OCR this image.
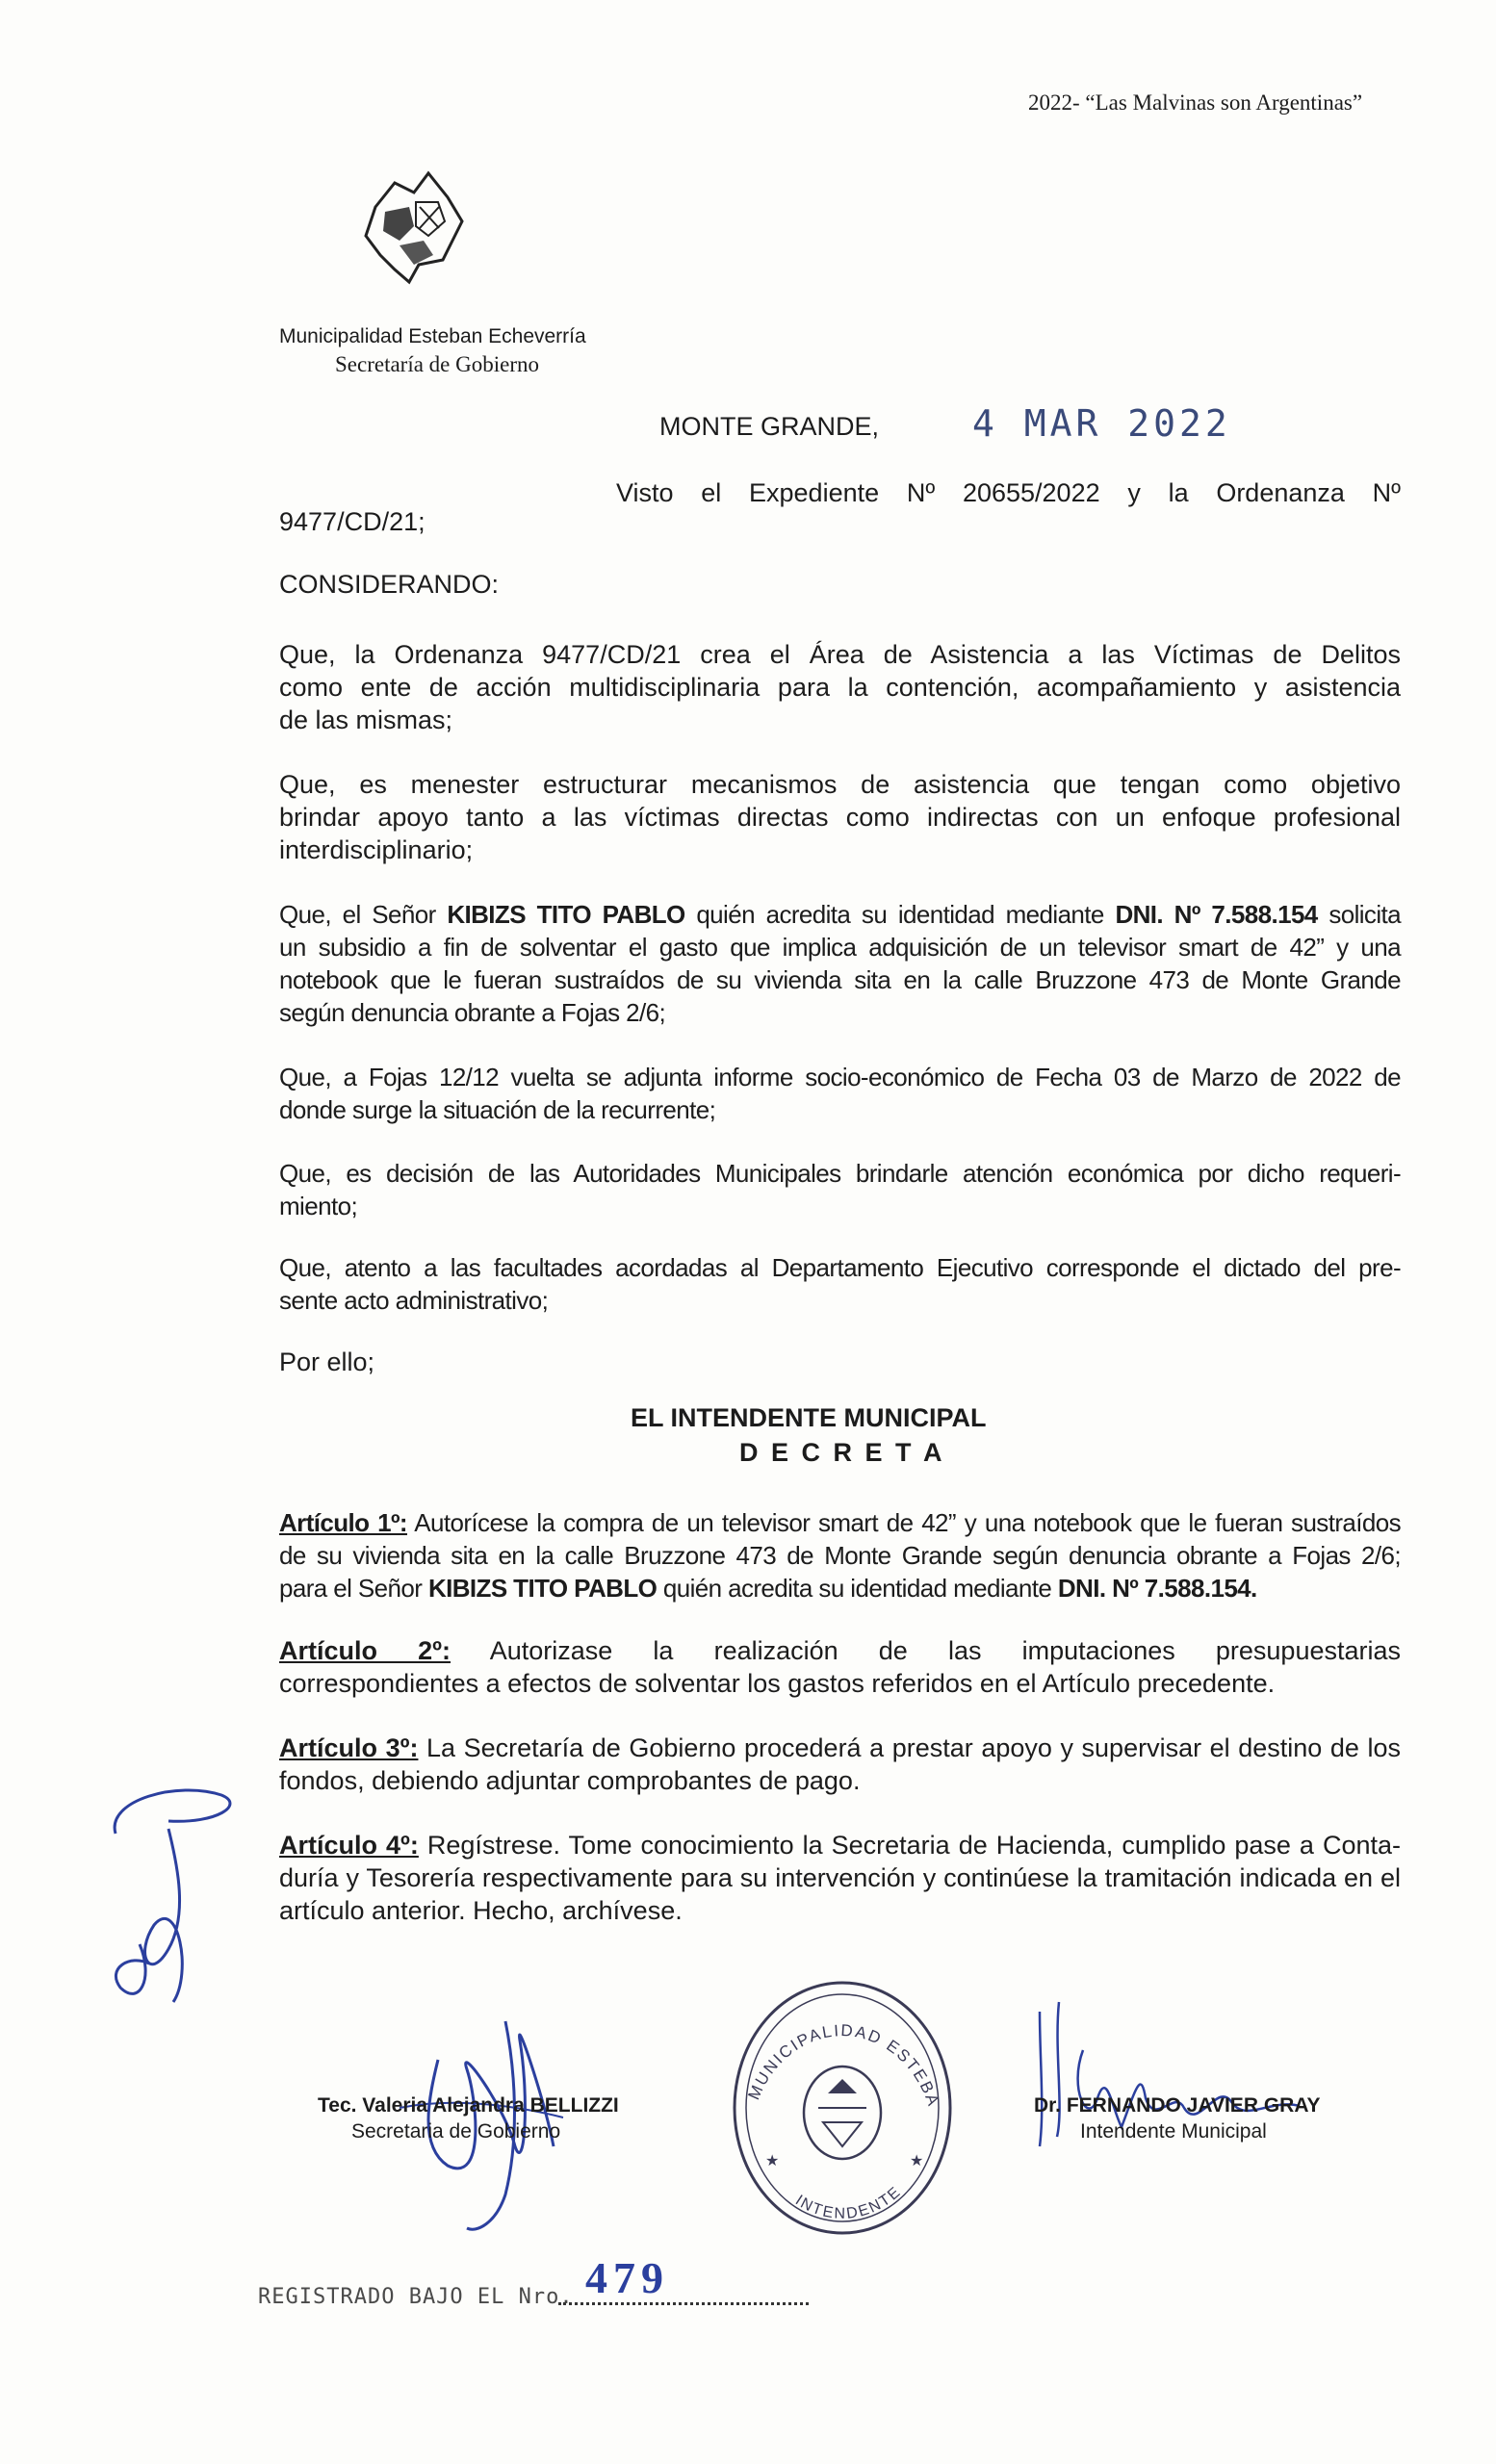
2022- “Las Malvinas son Argentinas”
Municipalidad Esteban Echeverría
Secretaría de Gobierno
MONTE GRANDE,	4 MAR 2022
Visto el Expediente Nº 20655/2022 y la Ordenanza Nº
9477/CD/21;
CONSIDERANDO:
Que, la Ordenanza 9477/CD/21 crea el Área de Asistencia a las Víctimas de Delitos
como ente de acción multidisciplinaria para la contención, acompañamiento y asistencia
de las mismas;
Que, es menester estructurar mecanismos de asistencia que tengan como objetivo
brindar apoyo tanto a las víctimas directas como indirectas con un enfoque profesional
interdisciplinario;
Que, el Señor KIBIZS TITO PABLO quién acredita su identidad mediante DNI. Nº 7.588.154 solicita
un subsidio a fin de solventar el gasto que implica adquisición de un televisor smart de 42” y una
notebook que le fueran sustraídos de su vivienda sita en la calle Bruzzone 473 de Monte Grande
según denuncia obrante a Fojas 2/6;
Que, a Fojas 12/12 vuelta se adjunta informe socio-económico de Fecha 03 de Marzo de 2022 de
donde surge la situación de la recurrente;
Que, es decisión de las Autoridades Municipales brindarle atención económica por dicho requeri-
miento;
Que, atento a las facultades acordadas al Departamento Ejecutivo corresponde el dictado del pre-
sente acto administrativo;
Por ello;
EL INTENDENTE MUNICIPAL
D E C R E T A
Artículo 1º: Autorícese la compra de un televisor smart de 42” y una notebook que le fueran sustraídos
de su vivienda sita en la calle Bruzzone 473 de Monte Grande según denuncia obrante a Fojas 2/6;
para el Señor KIBIZS TITO PABLO quién acredita su identidad mediante DNI. Nº 7.588.154.
Artículo 2º: Autorizase la realización de las imputaciones presupuestarias
correspondientes a efectos de solventar los gastos referidos en el Artículo precedente.
Artículo 3º: La Secretaría de Gobierno procederá a prestar apoyo y supervisar el destino de los
fondos, debiendo adjuntar comprobantes de pago.
Artículo 4º: Regístrese. Tome conocimiento la Secretaria de Hacienda, cumplido pase a Conta-
duría y Tesorería respectivamente para su intervención y continúese la tramitación indicada en el
artículo anterior. Hecho, archívese.
Tec. Valeria Alejandra BELLIZZI
Secretaria de Gobierno
MUNICIPALIDAD ESTEBA
INTENDENTE
★	★
Dr. FERNANDO JAVIER GRAY
Intendente Municipal
REGISTRADO BAJO EL Nro. 479
